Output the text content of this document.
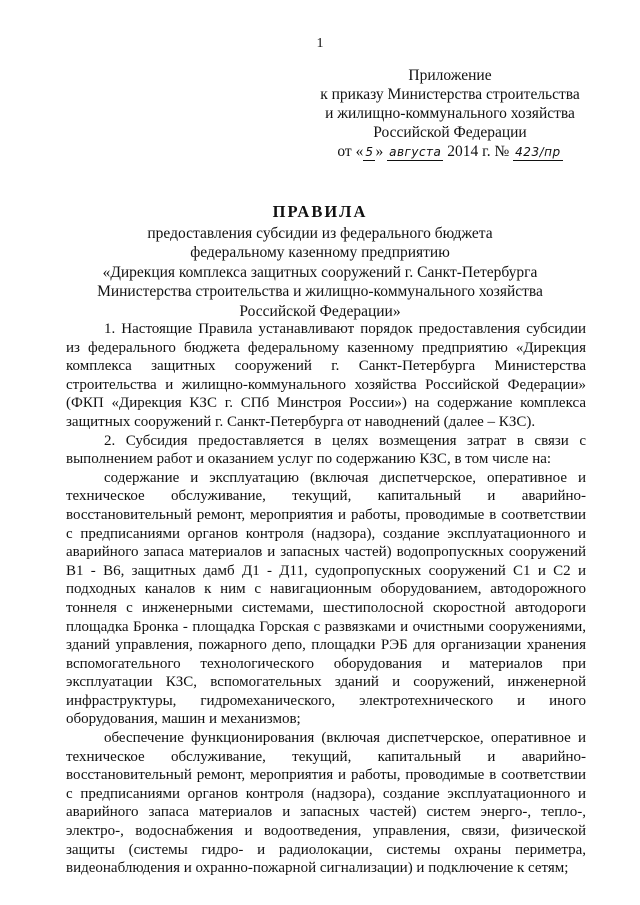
1
Приложение
к приказу Министерства строительства
и жилищно-коммунального хозяйства
Российской Федерации
от « 5 » августа 2014 г. № 423/пр
ПРАВИЛА
предоставления субсидии из федерального бюджета
федеральному казенному предприятию
«Дирекция комплекса защитных сооружений г. Санкт-Петербурга
Министерства строительства и жилищно-коммунального хозяйства
Российской Федерации»

1. Настоящие Правила устанавливают порядок предоставления субсидии из федерального бюджета федеральному казенному предприятию «Дирекция комплекса защитных сооружений г. Санкт-Петербурга Министерства строительства и жилищно-коммунального хозяйства Российской Федерации» (ФКП «Дирекция КЗС г. СПб Минстроя России») на содержание комплекса защитных сооружений г. Санкт-Петербурга от наводнений (далее – КЗС).

2. Субсидия предоставляется в целях возмещения затрат в связи с выполнением работ и оказанием услуг по содержанию КЗС, в том числе на:

содержание и эксплуатацию (включая диспетчерское, оперативное и техническое обслуживание, текущий, капитальный и аварийно-восстановительный ремонт, мероприятия и работы, проводимые в соответствии с предписаниями органов контроля (надзора), создание эксплуатационного и аварийного запаса материалов и запасных частей) водопропускных сооружений В1 - В6, защитных дамб Д1 - Д11, судопропускных сооружений С1 и С2 и подходных каналов к ним с навигационным оборудованием, автодорожного тоннеля с инженерными системами, шестиполосной скоростной автодороги площадка Бронка - площадка Горская с развязками и очистными сооружениями, зданий управления, пожарного депо, площадки РЭБ для организации хранения вспомогательного технологического оборудования и материалов при эксплуатации КЗС, вспомогательных зданий и сооружений, инженерной инфраструктуры, гидромеханического, электротехнического и иного оборудования, машин и механизмов;

обеспечение функционирования (включая диспетчерское, оперативное и техническое обслуживание, текущий, капитальный и аварийно-восстановительный ремонт, мероприятия и работы, проводимые в соответствии с предписаниями органов контроля (надзора), создание эксплуатационного и аварийного запаса материалов и запасных частей) систем энерго-, тепло-, электро-, водоснабжения и водоотведения, управления, связи, физической защиты (системы гидро- и радиолокации, системы охраны периметра, видеонаблюдения и охранно-пожарной сигнализации) и подключение к сетям;
